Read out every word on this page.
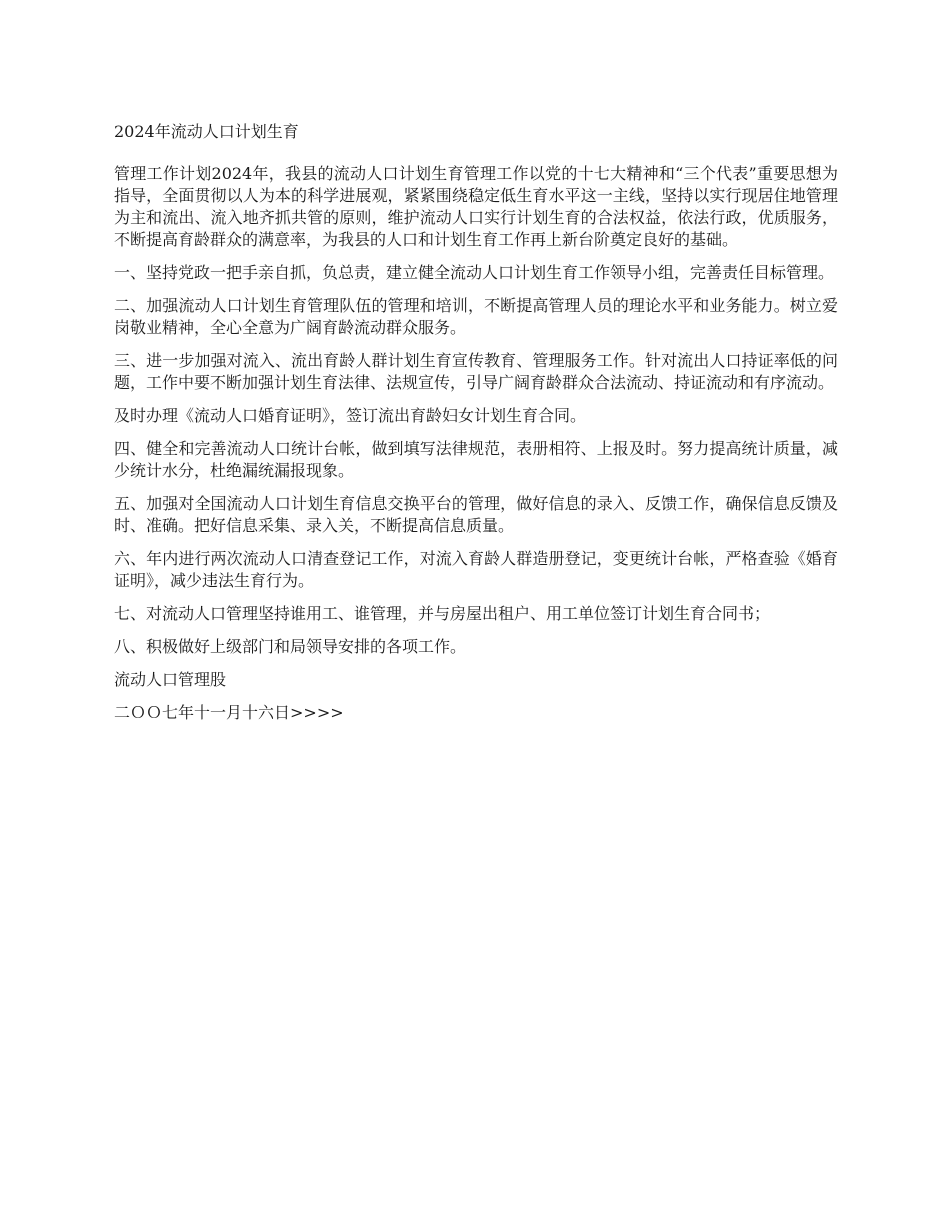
2024年流动人口计划生育

管理工作计划2024年，我县的流动人口计划生育管理工作以党的十七大精神和“三个代表”重要思想为指导，全面贯彻以人为本的科学进展观，紧紧围绕稳定低生育水平这一主线，坚持以实行现居住地管理为主和流出、流入地齐抓共管的原则，维护流动人口实行计划生育的合法权益，依法行政，优质服务，不断提高育龄群众的满意率，为我县的人口和计划生育工作再上新台阶奠定良好的基础。

一、坚持党政一把手亲自抓，负总责，建立健全流动人口计划生育工作领导小组，完善责任目标管理。

二、加强流动人口计划生育管理队伍的管理和培训，不断提高管理人员的理论水平和业务能力。树立爱岗敬业精神，全心全意为广阔育龄流动群众服务。

三、进一步加强对流入、流出育龄人群计划生育宣传教育、管理服务工作。针对流出人口持证率低的问题，工作中要不断加强计划生育法律、法规宣传，引导广阔育龄群众合法流动、持证流动和有序流动。

及时办理《流动人口婚育证明》，签订流出育龄妇女计划生育合同。

四、健全和完善流动人口统计台帐，做到填写法律规范，表册相符、上报及时。努力提高统计质量，减少统计水分，杜绝漏统漏报现象。

五、加强对全国流动人口计划生育信息交换平台的管理，做好信息的录入、反馈工作，确保信息反馈及时、准确。把好信息采集、录入关，不断提高信息质量。

六、年内进行两次流动人口清查登记工作，对流入育龄人群造册登记，变更统计台帐，严格查验《婚育证明》，减少违法生育行为。

七、对流动人口管理坚持谁用工、谁管理，并与房屋出租户、用工单位签订计划生育合同书；

八、积极做好上级部门和局领导安排的各项工作。

流动人口管理股

二ＯＯ七年十一月十六日>>>>
